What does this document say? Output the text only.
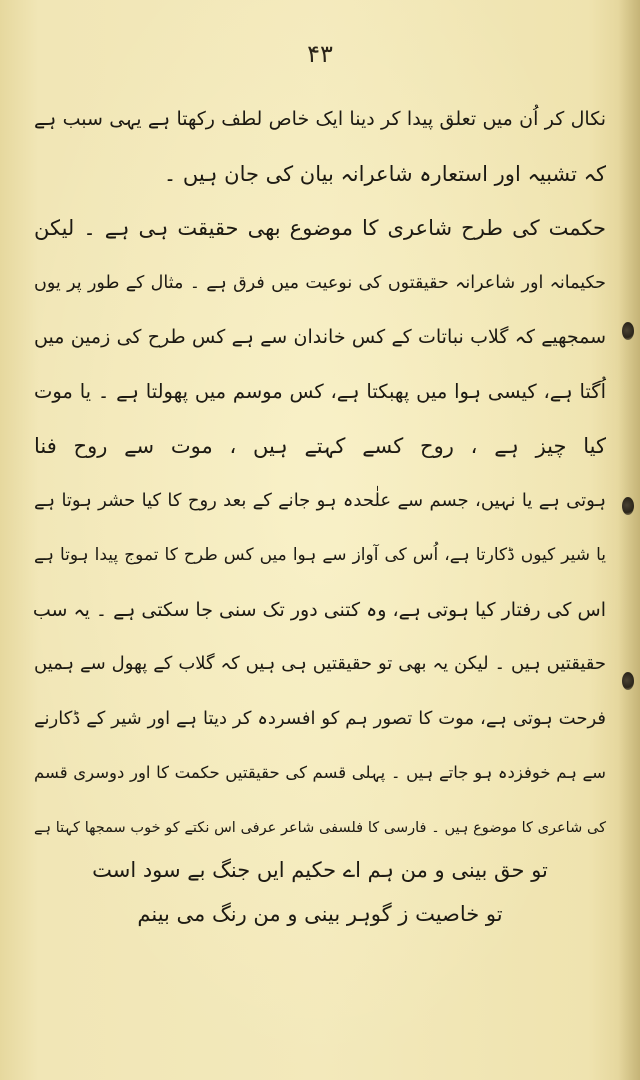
۴۳
نکال کر اُن میں تعلق پیدا کر دینا ایک خاص لطف رکھتا ہے یہی سبب ہے
کہ تشبیہ اور استعارہ شاعرانہ بیان کی جان ہیں ۔
حکمت کی طرح شاعری کا موضوع بھی حقیقت ہی ہے ۔ لیکن
حکیمانہ اور شاعرانہ حقیقتوں کی نوعیت میں فرق ہے ۔ مثال کے طور پر یوں
سمجھیے کہ گلاب نباتات کے کس خاندان سے ہے کس طرح کی زمین میں
اُگتا ہے، کیسی ہوا میں پھبکتا ہے، کس موسم میں پھولتا ہے ۔ یا موت
کیا چیز ہے ، روح کسے کہتے ہیں ، موت سے روح فنا
ہوتی ہے یا نہیں، جسم سے علٰحدہ ہو جانے کے بعد روح کا کیا حشر ہوتا ہے
یا شیر کیوں ڈکارتا ہے، اُس کی آواز سے ہوا میں کس طرح کا تموج پیدا ہوتا ہے
اس کی رفتار کیا ہوتی ہے، وہ کتنی دور تک سنی جا سکتی ہے ۔ یہ سب
حقیقتیں ہیں ۔ لیکن یہ بھی تو حقیقتیں ہی ہیں کہ گلاب کے پھول سے ہمیں
فرحت ہوتی ہے، موت کا تصور ہم کو افسردہ کر دیتا ہے اور شیر کے ڈکارنے
سے ہم خوفزدہ ہو جاتے ہیں ۔ پہلی قسم کی حقیقتیں حکمت کا اور دوسری قسم
کی شاعری کا موضوع ہیں ۔ فارسی کا فلسفی شاعر عرفی اس نکتے کو خوب سمجھا کہتا ہے
تو حق بینی و من ہم اے حکیم ایں جنگ بے سود است
تو خاصیت ز گوہر بینی و من رنگ می بینم
